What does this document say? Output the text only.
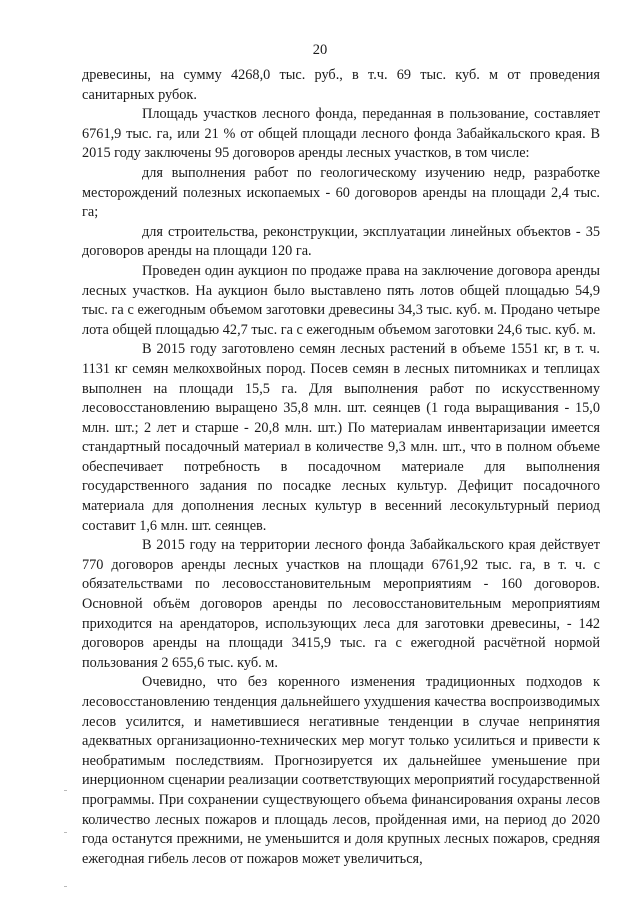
20

древесины, на сумму 4268,0 тыс. руб., в т.ч. 69 тыс. куб. м от проведения санитарных рубок.

Площадь участков лесного фонда, переданная в пользование, составляет 6761,9 тыс. га, или 21 % от общей площади лесного фонда Забайкальского края. В 2015 году заключены 95 договоров аренды лесных участков, в том числе:

для выполнения работ по геологическому изучению недр, разработке месторождений полезных ископаемых - 60 договоров аренды на площади 2,4 тыс. га;

для строительства, реконструкции, эксплуатации линейных объектов - 35 договоров аренды на площади 120 га.

Проведен один аукцион по продаже права на заключение договора аренды лесных участков. На аукцион было выставлено пять лотов общей площадью 54,9 тыс. га с ежегодным объемом заготовки древесины 34,3 тыс. куб. м. Продано четыре лота общей площадью 42,7 тыс. га с ежегодным объемом заготовки 24,6 тыс. куб. м.

В 2015 году заготовлено семян лесных растений в объеме 1551 кг, в т. ч. 1131 кг семян мелкохвойных пород. Посев семян в лесных питомниках и теплицах выполнен на площади 15,5 га. Для выполнения работ по искусственному лесовосстановлению выращено 35,8 млн. шт. сеянцев (1 года выращивания - 15,0 млн. шт.; 2 лет и старше - 20,8 млн. шт.) По материалам инвентаризации имеется стандартный посадочный материал в количестве 9,3 млн. шт., что в полном объеме обеспечивает потребность в посадочном материале для выполнения государственного задания по посадке лесных культур. Дефицит посадочного материала для дополнения лесных культур в весенний лесокультурный период составит 1,6 млн. шт. сеянцев.

В 2015 году на территории лесного фонда Забайкальского края действует 770 договоров аренды лесных участков на площади 6761,92 тыс. га, в т. ч. с обязательствами по лесовосстановительным мероприятиям - 160 договоров. Основной объём договоров аренды по лесовосстановительным мероприятиям приходится на арендаторов, использующих леса для заготовки древесины, - 142 договоров аренды на площади 3415,9 тыс. га с ежегодной расчётной нормой пользования 2 655,6 тыс. куб. м.

Очевидно, что без коренного изменения традиционных подходов к лесовосстановлению тенденция дальнейшего ухудшения качества воспроизводимых лесов усилится, и наметившиеся негативные тенденции в случае непринятия адекватных организационно-технических мер могут только усилиться и привести к необратимым последствиям. Прогнозируется их дальнейшее уменьшение при инерционном сценарии реализации соответствующих мероприятий государственной программы. При сохранении существующего объема финансирования охраны лесов количество лесных пожаров и площадь лесов, пройденная ими, на период до 2020 года останутся прежними, не уменьшится и доля крупных лесных пожаров, средняя ежегодная гибель лесов от пожаров может увеличиться,
